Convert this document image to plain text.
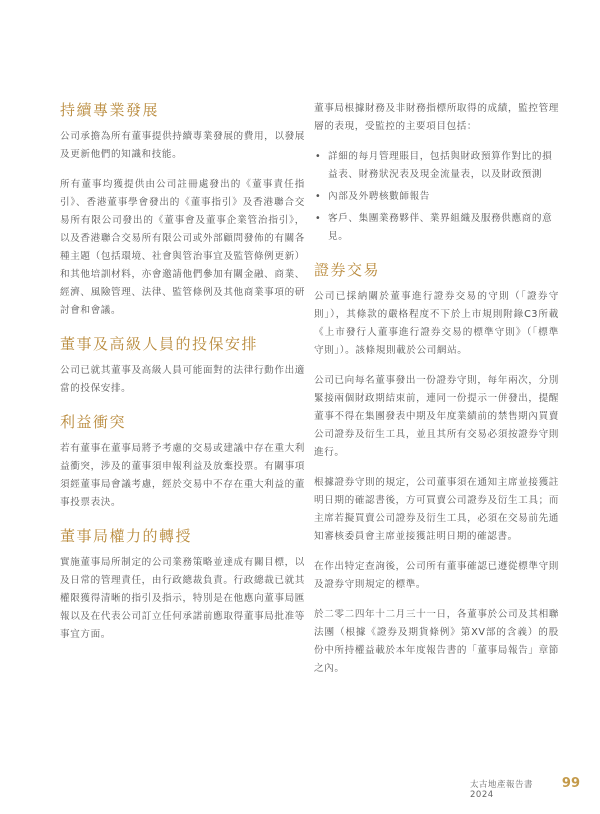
持續專業發展

公司承擔為所有董事提供持續專業發展的費用，以發展及更新他們的知識和技能。

所有董事均獲提供由公司註冊處發出的《董事責任指引》、香港董事學會發出的《董事指引》及香港聯合交易所有限公司發出的《董事會及董事企業管治指引》，以及香港聯合交易所有限公司或外部顧問發佈的有關各種主題（包括環境、社會與管治事宜及監管條例更新）和其他培訓材料，亦會邀請他們參加有關金融、商業、經濟、風險管理、法律、監管條例及其他商業事項的研討會和會議。

董事及高級人員的投保安排

公司已就其董事及高級人員可能面對的法律行動作出適當的投保安排。

利益衝突

若有董事在董事局將予考慮的交易或建議中存在重大利益衝突，涉及的董事須申報利益及放棄投票。有關事項須經董事局會議考慮，經於交易中不存在重大利益的董事投票表決。

董事局權力的轉授

實施董事局所制定的公司業務策略並達成有關目標，以及日常的管理責任，由行政總裁負責。行政總裁已就其權限獲得清晰的指引及指示，特別是在他應向董事局匯報以及在代表公司訂立任何承諾前應取得董事局批准等事宜方面。

董事局根據財務及非財務指標所取得的成績，監控管理層的表現，受監控的主要項目包括：

• 詳細的每月管理賬目，包括與財政預算作對比的損益表、財務狀況表及現金流量表，以及財政預測
• 內部及外聘核數師報告
• 客戶、集團業務夥伴、業界組織及服務供應商的意見。
證券交易

公司已採納關於董事進行證券交易的守則（「證券守則」），其條款的嚴格程度不下於上市規則附錄C3所載《上市發行人董事進行證券交易的標準守則》（「標準守則」）。該條規則載於公司網站。

公司已向每名董事發出一份證券守則，每年兩次，分別緊接兩個財政期結束前，連同一份提示一併發出，提醒董事不得在集團發表中期及年度業績前的禁售期內買賣公司證券及衍生工具，並且其所有交易必須按證券守則進行。

根據證券守則的規定，公司董事須在通知主席並接獲註明日期的確認書後，方可買賣公司證券及衍生工具；而主席若擬買賣公司證券及衍生工具，必須在交易前先通知審核委員會主席並接獲註明日期的確認書。

在作出特定查詢後，公司所有董事確認已遵從標準守則及證券守則規定的標準。

於二零二四年十二月三十一日，各董事於公司及其相聯法團（根據《證券及期貨條例》第XV部的含義）的股份中所持權益載於本年度報告書的「董事局報告」章節之內。

太古地產報告書2024
99
